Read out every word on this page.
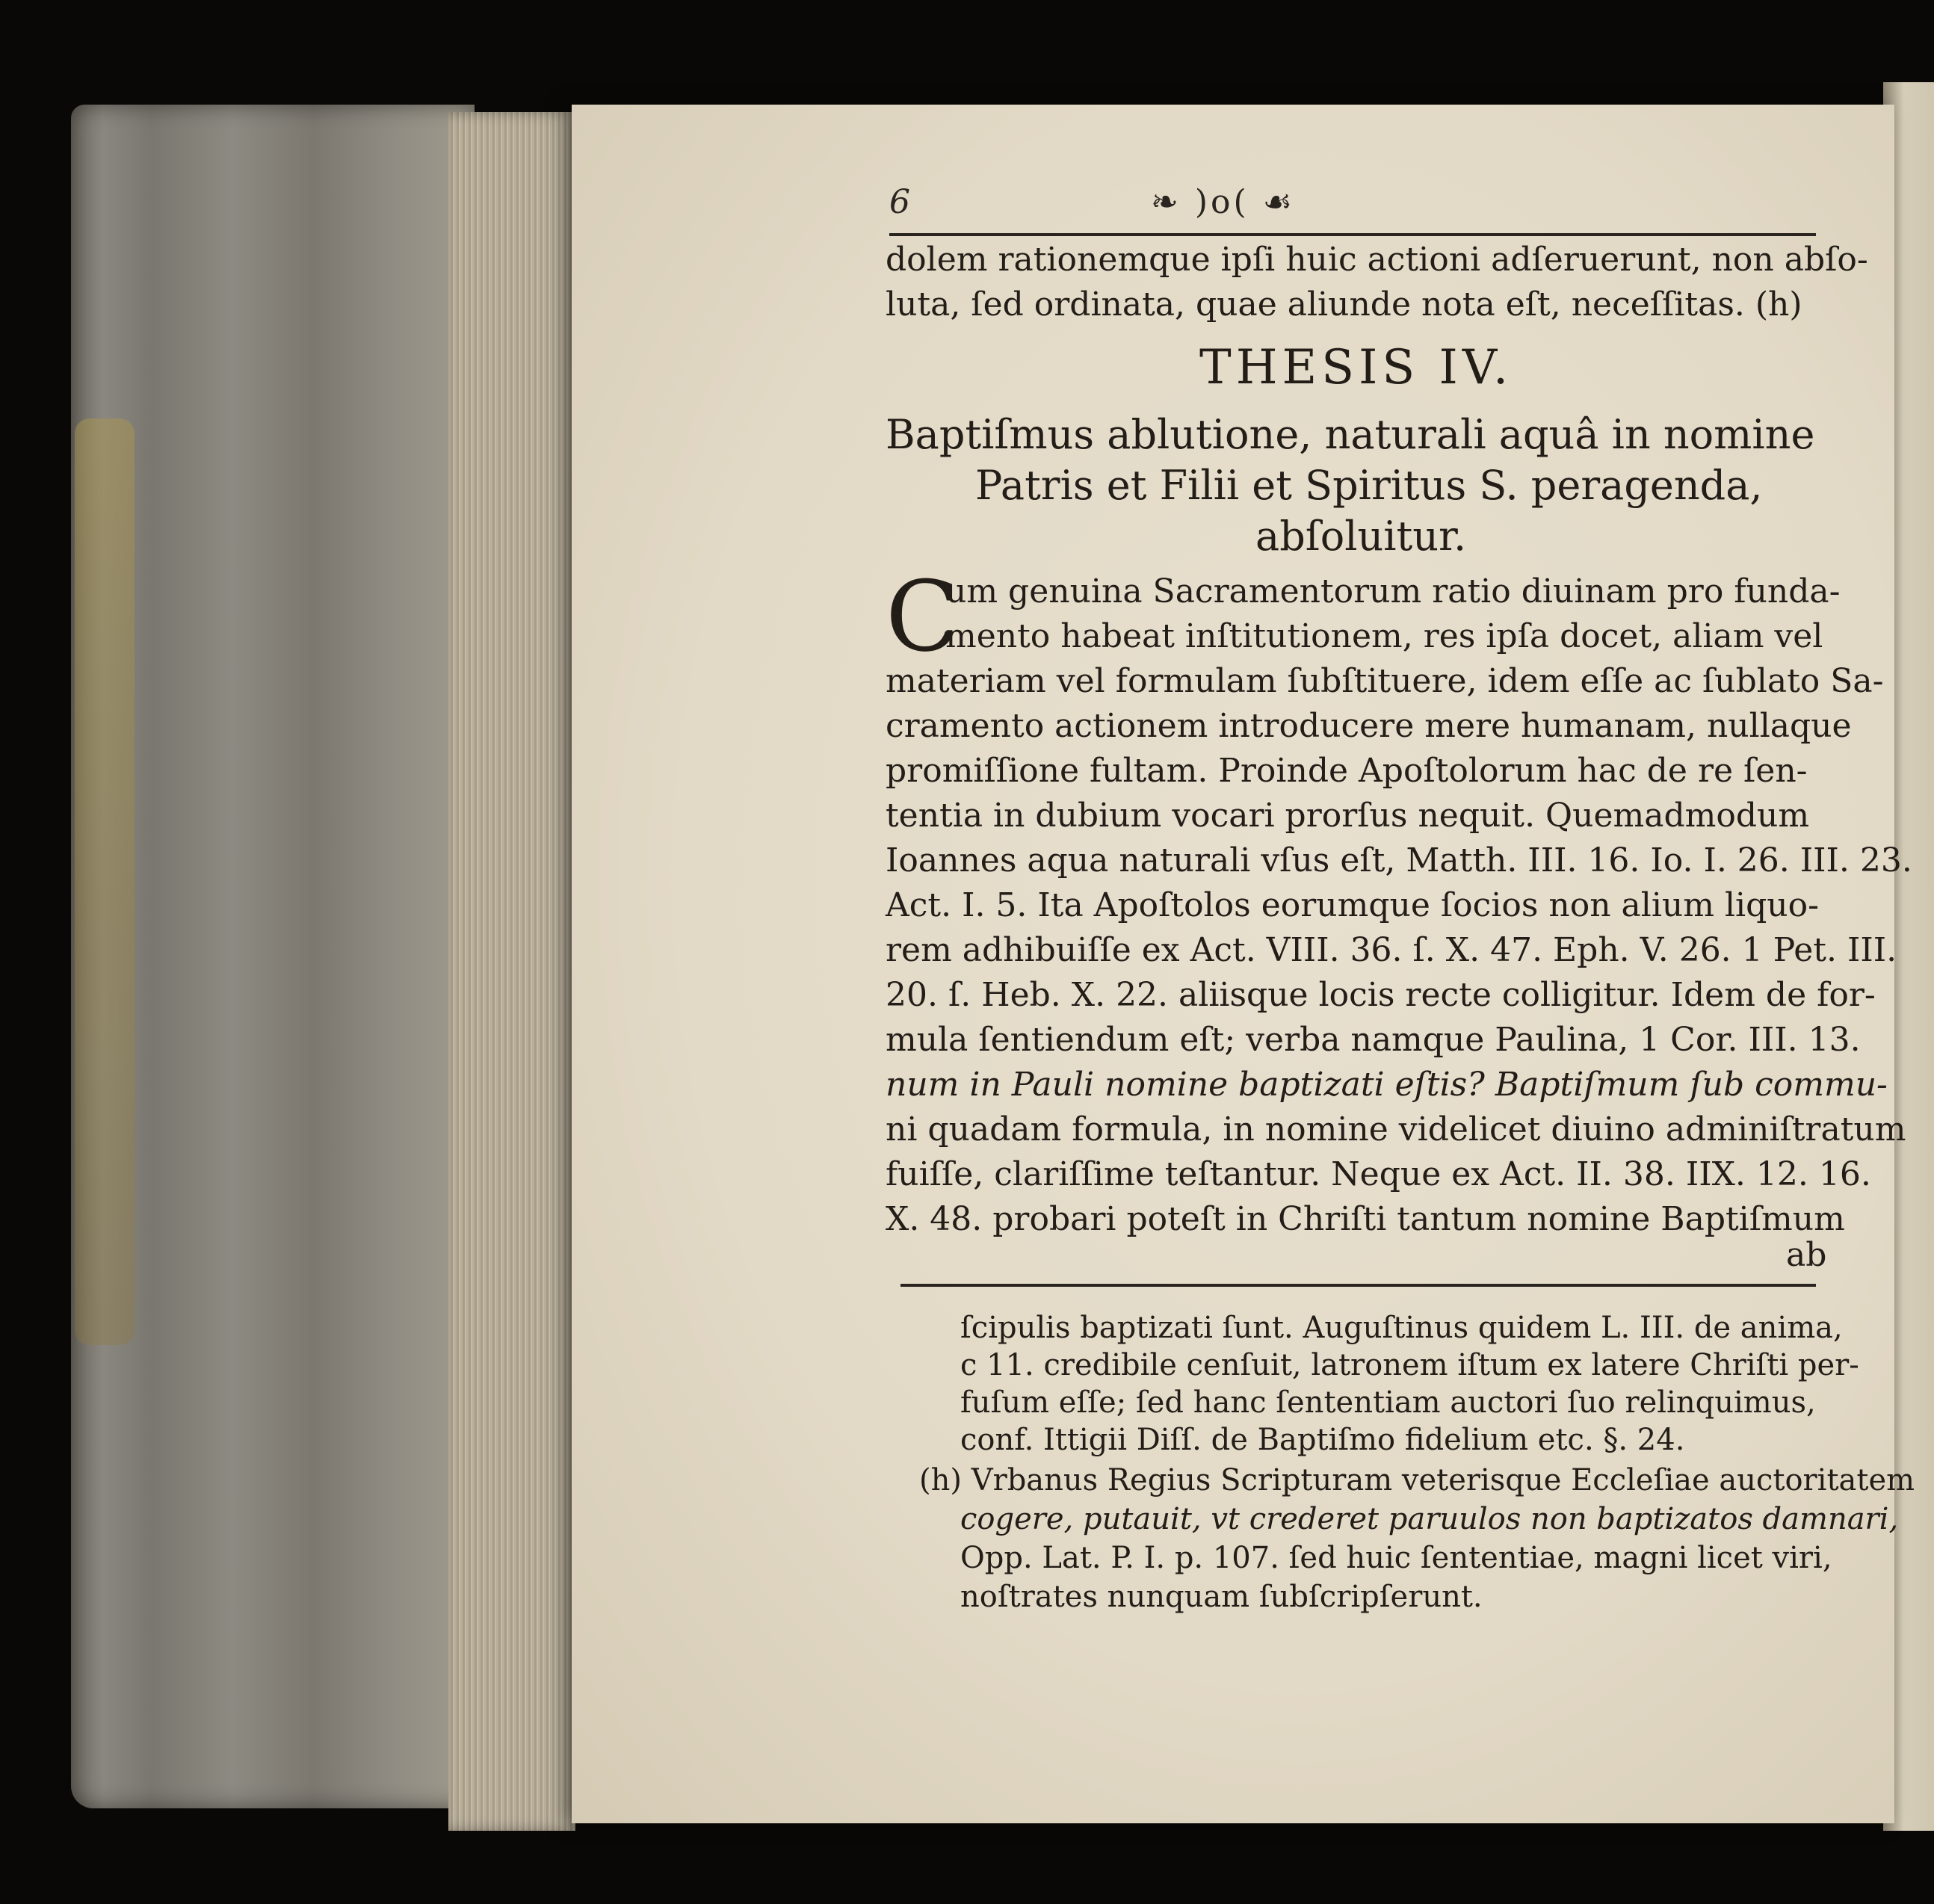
6	❧ )o( ☙
dolem rationemque ipſi huic actioni adſeruerunt, non abſo-
luta, ſed ordinata, quae aliunde nota eſt, neceſſitas. (h)
THESIS IV.
Baptiſmus ablutione, naturali aquâ in nomine
Patris et Filii et Spiritus S. peragenda,
abſoluitur.
C
um genuina Sacramentorum ratio diuinam pro funda-
mento habeat inſtitutionem, res ipſa docet, aliam vel
materiam vel formulam ſubſtituere, idem eſſe ac ſublato Sa-
cramento actionem introducere mere humanam, nullaque
promiſſione fultam. Proinde Apoſtolorum hac de re ſen-
tentia in dubium vocari prorſus nequit. Quemadmodum
Ioannes aqua naturali vſus eſt, Matth. III. 16. Io. I. 26. III. 23.
Act. I. 5. Ita Apoſtolos eorumque ſocios non alium liquo-
rem adhibuiſſe ex Act. VIII. 36. ſ. X. 47. Eph. V. 26. 1 Pet. III.
20. ſ. Heb. X. 22. aliisque locis recte colligitur. Idem de for-
mula ſentiendum eſt; verba namque Paulina, 1 Cor. III. 13.
num in Pauli nomine baptizati eſtis? Baptiſmum ſub commu-
ni quadam formula, in nomine videlicet diuino adminiſtratum
fuiſſe, clariſſime teſtantur. Neque ex Act. II. 38. IIX. 12. 16.
X. 48. probari poteſt in Chriſti tantum nomine Baptiſmum
ab
ſcipulis baptizati ſunt. Auguſtinus quidem L. III. de anima,
c 11. credibile cenſuit, latronem iſtum ex latere Chriſti per-
fuſum eſſe; ſed hanc ſententiam auctori ſuo relinquimus,
conf. Ittigii Diſſ. de Baptiſmo fidelium etc. §. 24.
(h) Vrbanus Regius Scripturam veterisque Eccleſiae auctoritatem
cogere, putauit, vt crederet paruulos non baptizatos damnari,
Opp. Lat. P. I. p. 107. ſed huic ſententiae, magni licet viri,
noſtrates nunquam ſubſcripſerunt.
